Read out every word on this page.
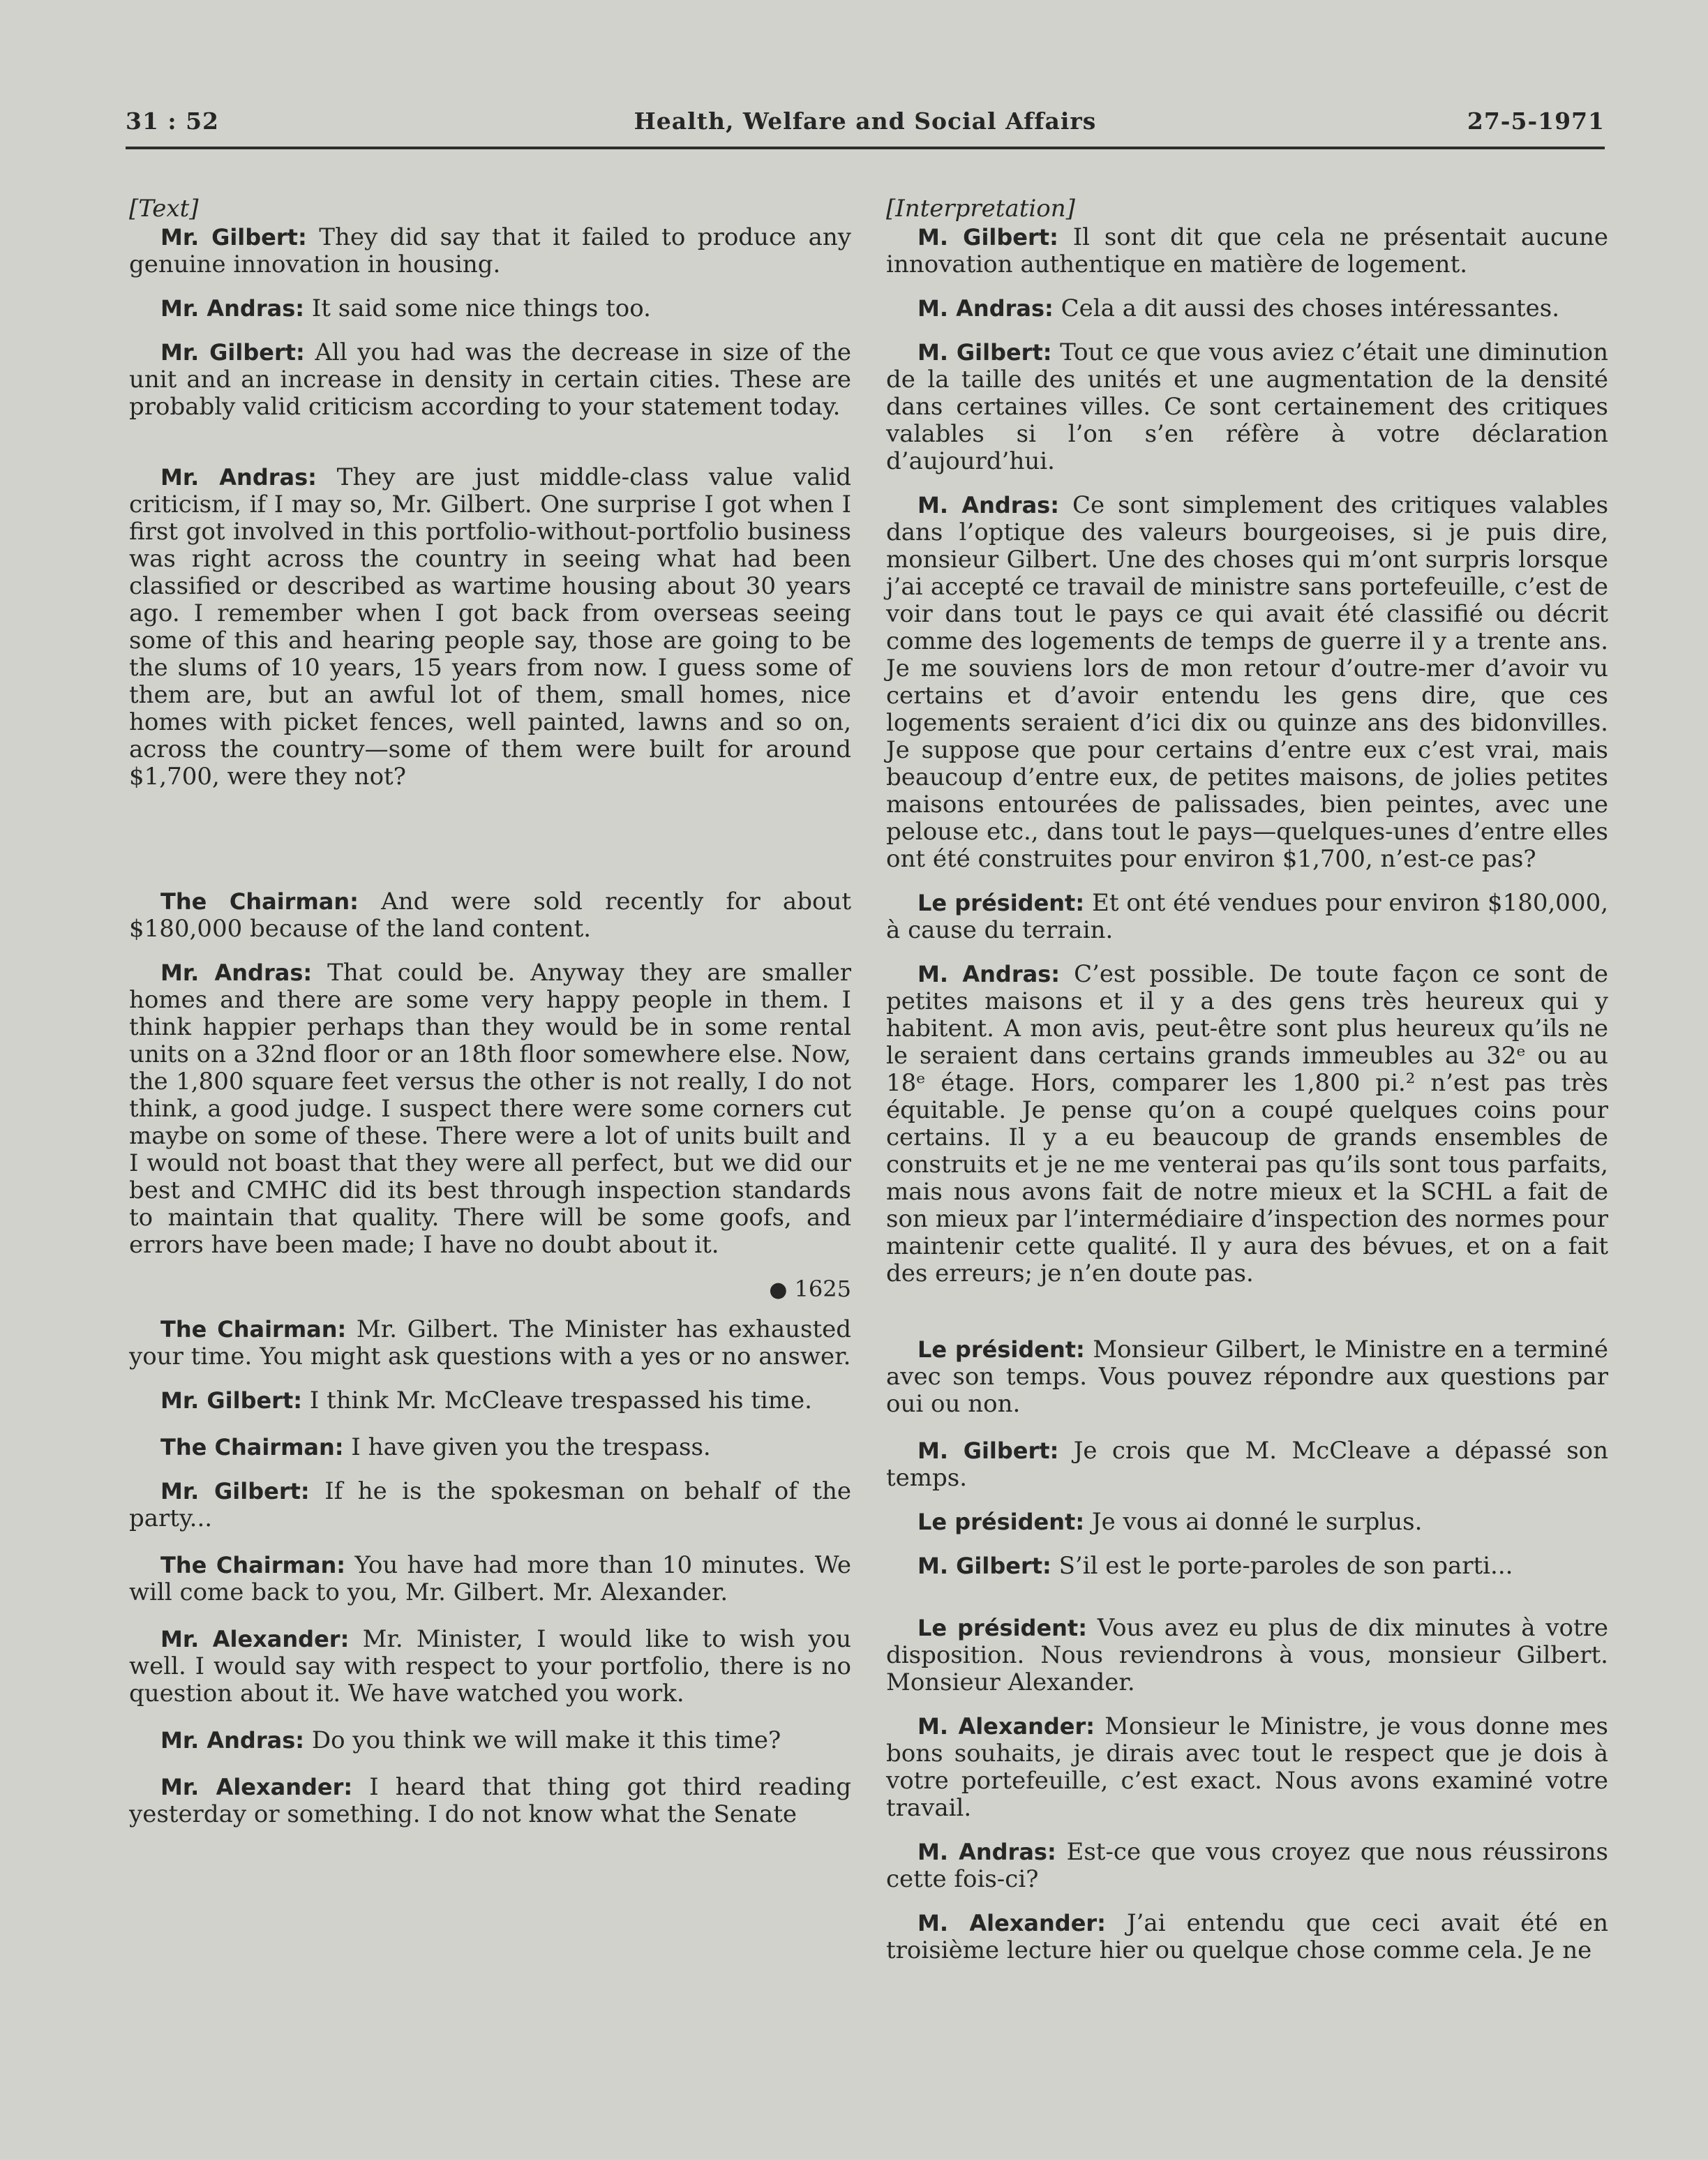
31 : 52	Health, Welfare and Social Affairs	27-5-1971

[Text]

Mr. Gilbert: They did say that it failed to produce any genuine innovation in housing.

Mr. Andras: It said some nice things too.

Mr. Gilbert: All you had was the decrease in size of the unit and an increase in density in certain cities. These are probably valid criticism according to your statement today.

Mr. Andras: They are just middle-class value valid criticism, if I may so, Mr. Gilbert. One surprise I got when I first got involved in this portfolio-without-portfolio business was right across the country in seeing what had been classified or described as wartime housing about 30 years ago. I remember when I got back from overseas seeing some of this and hearing people say, those are going to be the slums of 10 years, 15 years from now. I guess some of them are, but an awful lot of them, small homes, nice homes with picket fences, well painted, lawns and so on, across the country—some of them were built for around $1,700, were they not?

The Chairman: And were sold recently for about $180,000 because of the land content.

Mr. Andras: That could be. Anyway they are smaller homes and there are some very happy people in them. I think happier perhaps than they would be in some rental units on a 32nd floor or an 18th floor somewhere else. Now, the 1,800 square feet versus the other is not really, I do not think, a good judge. I suspect there were some corners cut maybe on some of these. There were a lot of units built and I would not boast that they were all perfect, but we did our best and CMHC did its best through inspection standards to maintain that quality. There will be some goofs, and errors have been made; I have no doubt about it.

● 1625

The Chairman: Mr. Gilbert. The Minister has exhausted your time. You might ask questions with a yes or no answer.

Mr. Gilbert: I think Mr. McCleave trespassed his time.

The Chairman: I have given you the trespass.

Mr. Gilbert: If he is the spokesman on behalf of the party...

The Chairman: You have had more than 10 minutes. We will come back to you, Mr. Gilbert. Mr. Alexander.

Mr. Alexander: Mr. Minister, I would like to wish you well. I would say with respect to your portfolio, there is no question about it. We have watched you work.

Mr. Andras: Do you think we will make it this time?

Mr. Alexander: I heard that thing got third reading yesterday or something. I do not know what the Senate

[Interpretation]

M. Gilbert: Il sont dit que cela ne présentait aucune innovation authentique en matière de logement.

M. Andras: Cela a dit aussi des choses intéressantes.

M. Gilbert: Tout ce que vous aviez c’était une diminution de la taille des unités et une augmentation de la densité dans certaines villes. Ce sont certainement des critiques valables si l’on s’en réfère à votre déclaration d’aujourd’hui.

M. Andras: Ce sont simplement des critiques valables dans l’optique des valeurs bourgeoises, si je puis dire, monsieur Gilbert. Une des choses qui m’ont surpris lorsque j’ai accepté ce travail de ministre sans portefeuille, c’est de voir dans tout le pays ce qui avait été classifié ou décrit comme des logements de temps de guerre il y a trente ans. Je me souviens lors de mon retour d’outre-mer d’avoir vu certains et d’avoir entendu les gens dire, que ces logements seraient d’ici dix ou quinze ans des bidonvilles. Je suppose que pour certains d’entre eux c’est vrai, mais beaucoup d’entre eux, de petites maisons, de jolies petites maisons entourées de palissades, bien peintes, avec une pelouse etc., dans tout le pays—quelques-unes d’entre elles ont été construites pour environ $1,700, n’est-ce pas?

Le président: Et ont été vendues pour environ $180,000, à cause du terrain.

M. Andras: C’est possible. De toute façon ce sont de petites maisons et il y a des gens très heureux qui y habitent. A mon avis, peut-être sont plus heureux qu’ils ne le seraient dans certains grands immeubles au 32ᵉ ou au 18ᵉ étage. Hors, comparer les 1,800 pi.² n’est pas très équitable. Je pense qu’on a coupé quelques coins pour certains. Il y a eu beaucoup de grands ensembles de construits et je ne me venterai pas qu’ils sont tous parfaits, mais nous avons fait de notre mieux et la SCHL a fait de son mieux par l’intermédiaire d’inspection des normes pour maintenir cette qualité. Il y aura des bévues, et on a fait des erreurs; je n’en doute pas.

Le président: Monsieur Gilbert, le Ministre en a terminé avec son temps. Vous pouvez répondre aux questions par oui ou non.

M. Gilbert: Je crois que M. McCleave a dépassé son temps.

Le président: Je vous ai donné le surplus.

M. Gilbert: S’il est le porte-paroles de son parti...

Le président: Vous avez eu plus de dix minutes à votre disposition. Nous reviendrons à vous, monsieur Gilbert. Monsieur Alexander.

M. Alexander: Monsieur le Ministre, je vous donne mes bons souhaits, je dirais avec tout le respect que je dois à votre portefeuille, c’est exact. Nous avons examiné votre travail.

M. Andras: Est-ce que vous croyez que nous réussirons cette fois-ci?

M. Alexander: J’ai entendu que ceci avait été en troisième lecture hier ou quelque chose comme cela. Je ne
